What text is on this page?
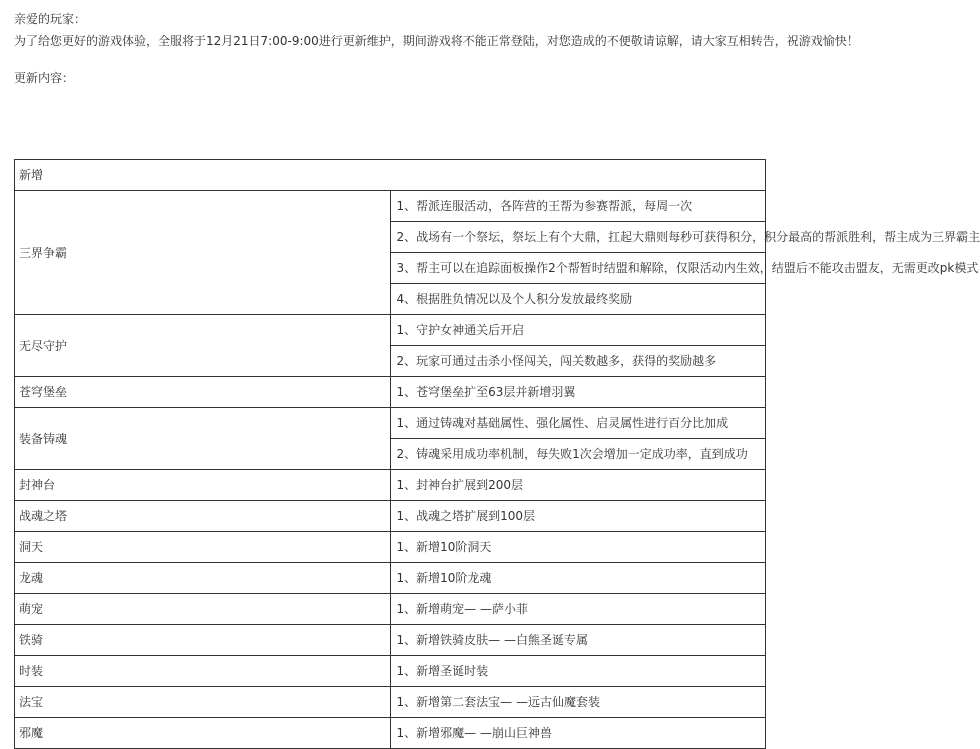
亲爱的玩家：

为了给您更好的游戏体验，全服将于12月21日7:00-9:00进行更新维护，期间游戏将不能正常登陆，对您造成的不便敬请谅解，请大家互相转告，祝游戏愉快！

更新内容：

新增	
三界争霸	1、帮派连服活动，各阵营的王帮为参赛帮派，每周一次
	2、战场有一个祭坛，祭坛上有个大鼎，扛起大鼎则每秒可获得积分，积分最高的帮派胜利，帮主成为三界霸主
	3、帮主可以在追踪面板操作2个帮暂时结盟和解除，仅限活动内生效，结盟后不能攻击盟友，无需更改pk模式
	4、根据胜负情况以及个人积分发放最终奖励
无尽守护	1、守护女神通关后开启
	2、玩家可通过击杀小怪闯关，闯关数越多，获得的奖励越多
苍穹堡垒	1、苍穹堡垒扩至63层并新增羽翼
装备铸魂	1、通过铸魂对基础属性、强化属性、启灵属性进行百分比加成
	2、铸魂采用成功率机制，每失败1次会增加一定成功率，直到成功
封神台	1、封神台扩展到200层
战魂之塔	1、战魂之塔扩展到100层
洞天	1、新增10阶洞天
龙魂	1、新增10阶龙魂
萌宠	1、新增萌宠— —萨小菲
铁骑	1、新增铁骑皮肤— —白熊圣诞专属
时装	1、新增圣诞时装
法宝	1、新增第二套法宝— —远古仙魔套装
邪魔	1、新增邪魔— —崩山巨神兽
